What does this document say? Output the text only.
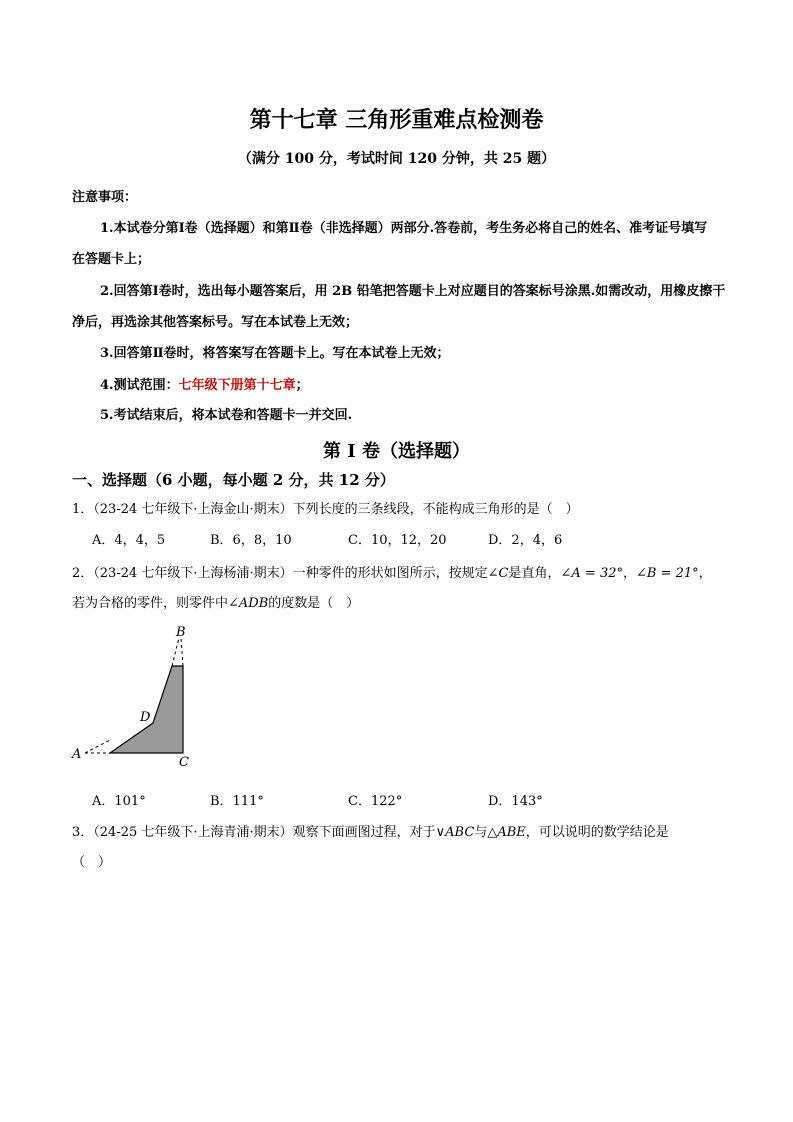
第十七章 三角形重难点检测卷
（满分 100 分，考试时间 120 分钟，共 25 题）
注意事项：
1.本试卷分第Ⅰ卷（选择题）和第Ⅱ卷（非选择题）两部分.答卷前，考生务必将自己的姓名、准考证号填写
在答题卡上；
2.回答第Ⅰ卷时，选出每小题答案后，用 2B 铅笔把答题卡上对应题目的答案标号涂黑.如需改动，用橡皮擦干
净后，再选涂其他答案标号。写在本试卷上无效；
3.回答第Ⅱ卷时，将答案写在答题卡上。写在本试卷上无效；
4.测试范围：七年级下册第十七章；
5.考试结束后，将本试卷和答题卡一并交回.
第 I 卷（选择题）
一、选择题（6 小题，每小题 2 分，共 12 分）
1．（23-24 七年级下·上海金山·期末）下列长度的三条线段，不能构成三角形的是（　）
A．4，4，5	B．6，8，10	C．10，12，20	D．2，4，6
2．（23-24 七年级下·上海杨浦·期末）一种零件的形状如图所示，按规定∠C是直角，∠A = 32°，∠B = 21°，
若为合格的零件，则零件中∠ADB的度数是（　）
A
B
C
D
A．101°	B．111°	C．122°	D．143°
3．（24-25 七年级下·上海青浦·期末）观察下面画图过程，对于∨ABC与△ABE，可以说明的数学结论是
（　）
